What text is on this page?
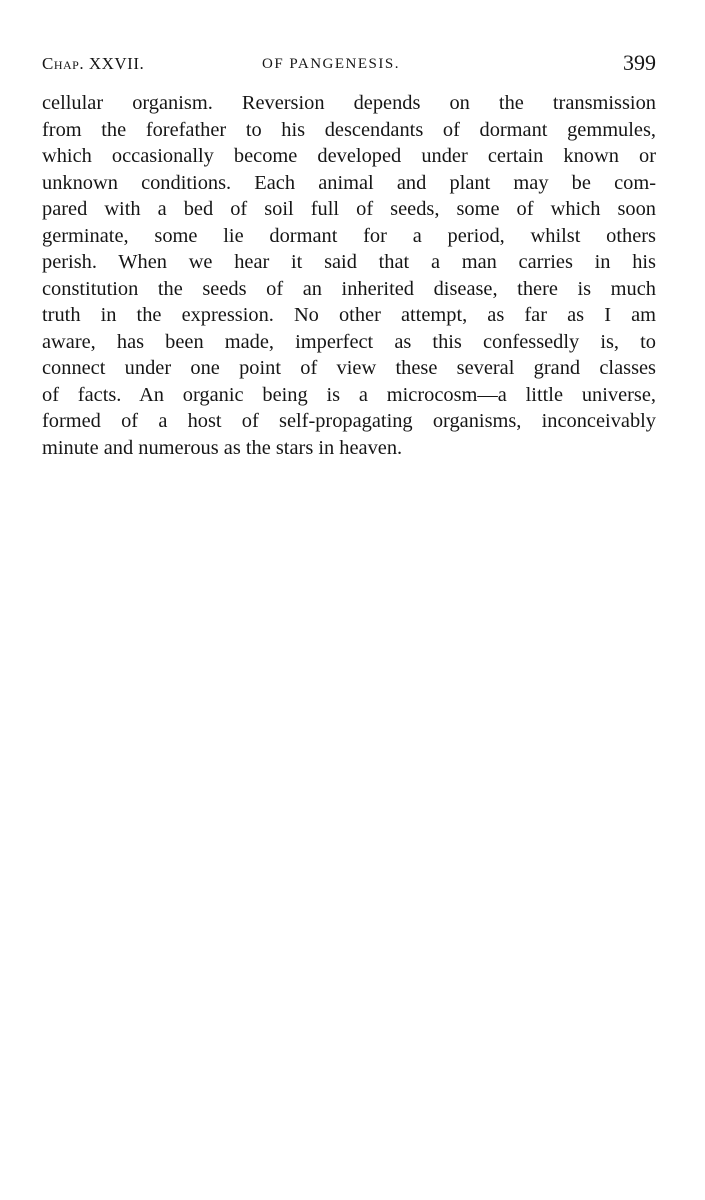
Chap. XXVII.	OF PANGENESIS.	399

cellular organism. Reversion depends on the transmission
from the forefather to his descendants of dormant gemmules,
which occasionally become developed under certain known or
unknown conditions. Each animal and plant may be com-
pared with a bed of soil full of seeds, some of which soon
germinate, some lie dormant for a period, whilst others
perish. When we hear it said that a man carries in his
constitution the seeds of an inherited disease, there is much
truth in the expression. No other attempt, as far as I am
aware, has been made, imperfect as this confessedly is, to
connect under one point of view these several grand classes
of facts. An organic being is a microcosm—a little universe,
formed of a host of self-propagating organisms, inconceivably
minute and numerous as the stars in heaven.
